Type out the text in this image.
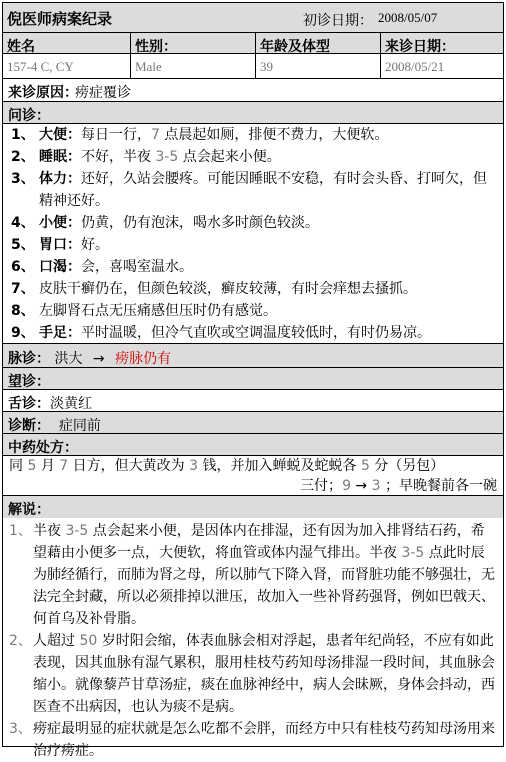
倪医师病案纪录	初诊日期： 2008/05/07
姓名	性别：	年龄及体型	来诊日期：
157-4 C, CY	Male	39	2008/05/21
来诊原因：
痨症覆诊
问诊：
1、 大便：每日一行，7 点晨起如厕，排便不费力，大便软。
2、 睡眠：不好，半夜 3-5 点会起来小便。
3、 体力：还好，久站会腰疼。可能因睡眠不安稳，有时会头昏、打呵欠，但精神还好。
4、 小便：仍黄，仍有泡沫，喝水多时颜色较淡。
5、 胃口：好。
6、 口渴：会，喜喝室温水。
7、 皮肤干癣仍在，但颜色较淡，癣皮较薄，有时会痒想去搔抓。
8、 左脚肾石点无压痛感但压时仍有感觉。
9、 手足：平时温暖，但冷气直吹或空调温度较低时，有时仍易凉。
脉诊： 洪大 → 痨脉仍有
望诊：
舌诊：淡黄红
诊断： 症同前
中药处方：
同 5 月 7 日方，但大黄改为 3 钱，并加入蝉蜕及蛇蜕各 5 分（另包）
三付；9 → 3 ；早晚餐前各一碗
解说：
1、 半夜 3-5 点会起来小便，是因体内在排湿，还有因为加入排肾结石药，希望藉由小便多一点，大便软，将血管或体内湿气排出。半夜 3-5 点此时辰为肺经循行，而肺为肾之母，所以肺气下降入肾，而肾脏功能不够强壮，无法完全封藏，所以必须排掉以泄压，故加入一些补肾药强肾，例如巴戟天、何首乌及补骨脂。
2、 人超过 50 岁时阳会缩，体表血脉会相对浮起，患者年纪尚轻，不应有如此表现，因其血脉有湿气累积，服用桂枝芍药知母汤排湿一段时间，其血脉会缩小。就像藜芦甘草汤症，痰在血脉神经中，病人会昧厥，身体会抖动，西医查不出病因，也认为痰不是病。
3、 痨症最明显的症状就是怎么吃都不会胖，而经方中只有桂枝芍药知母汤用来治疗痨症。
